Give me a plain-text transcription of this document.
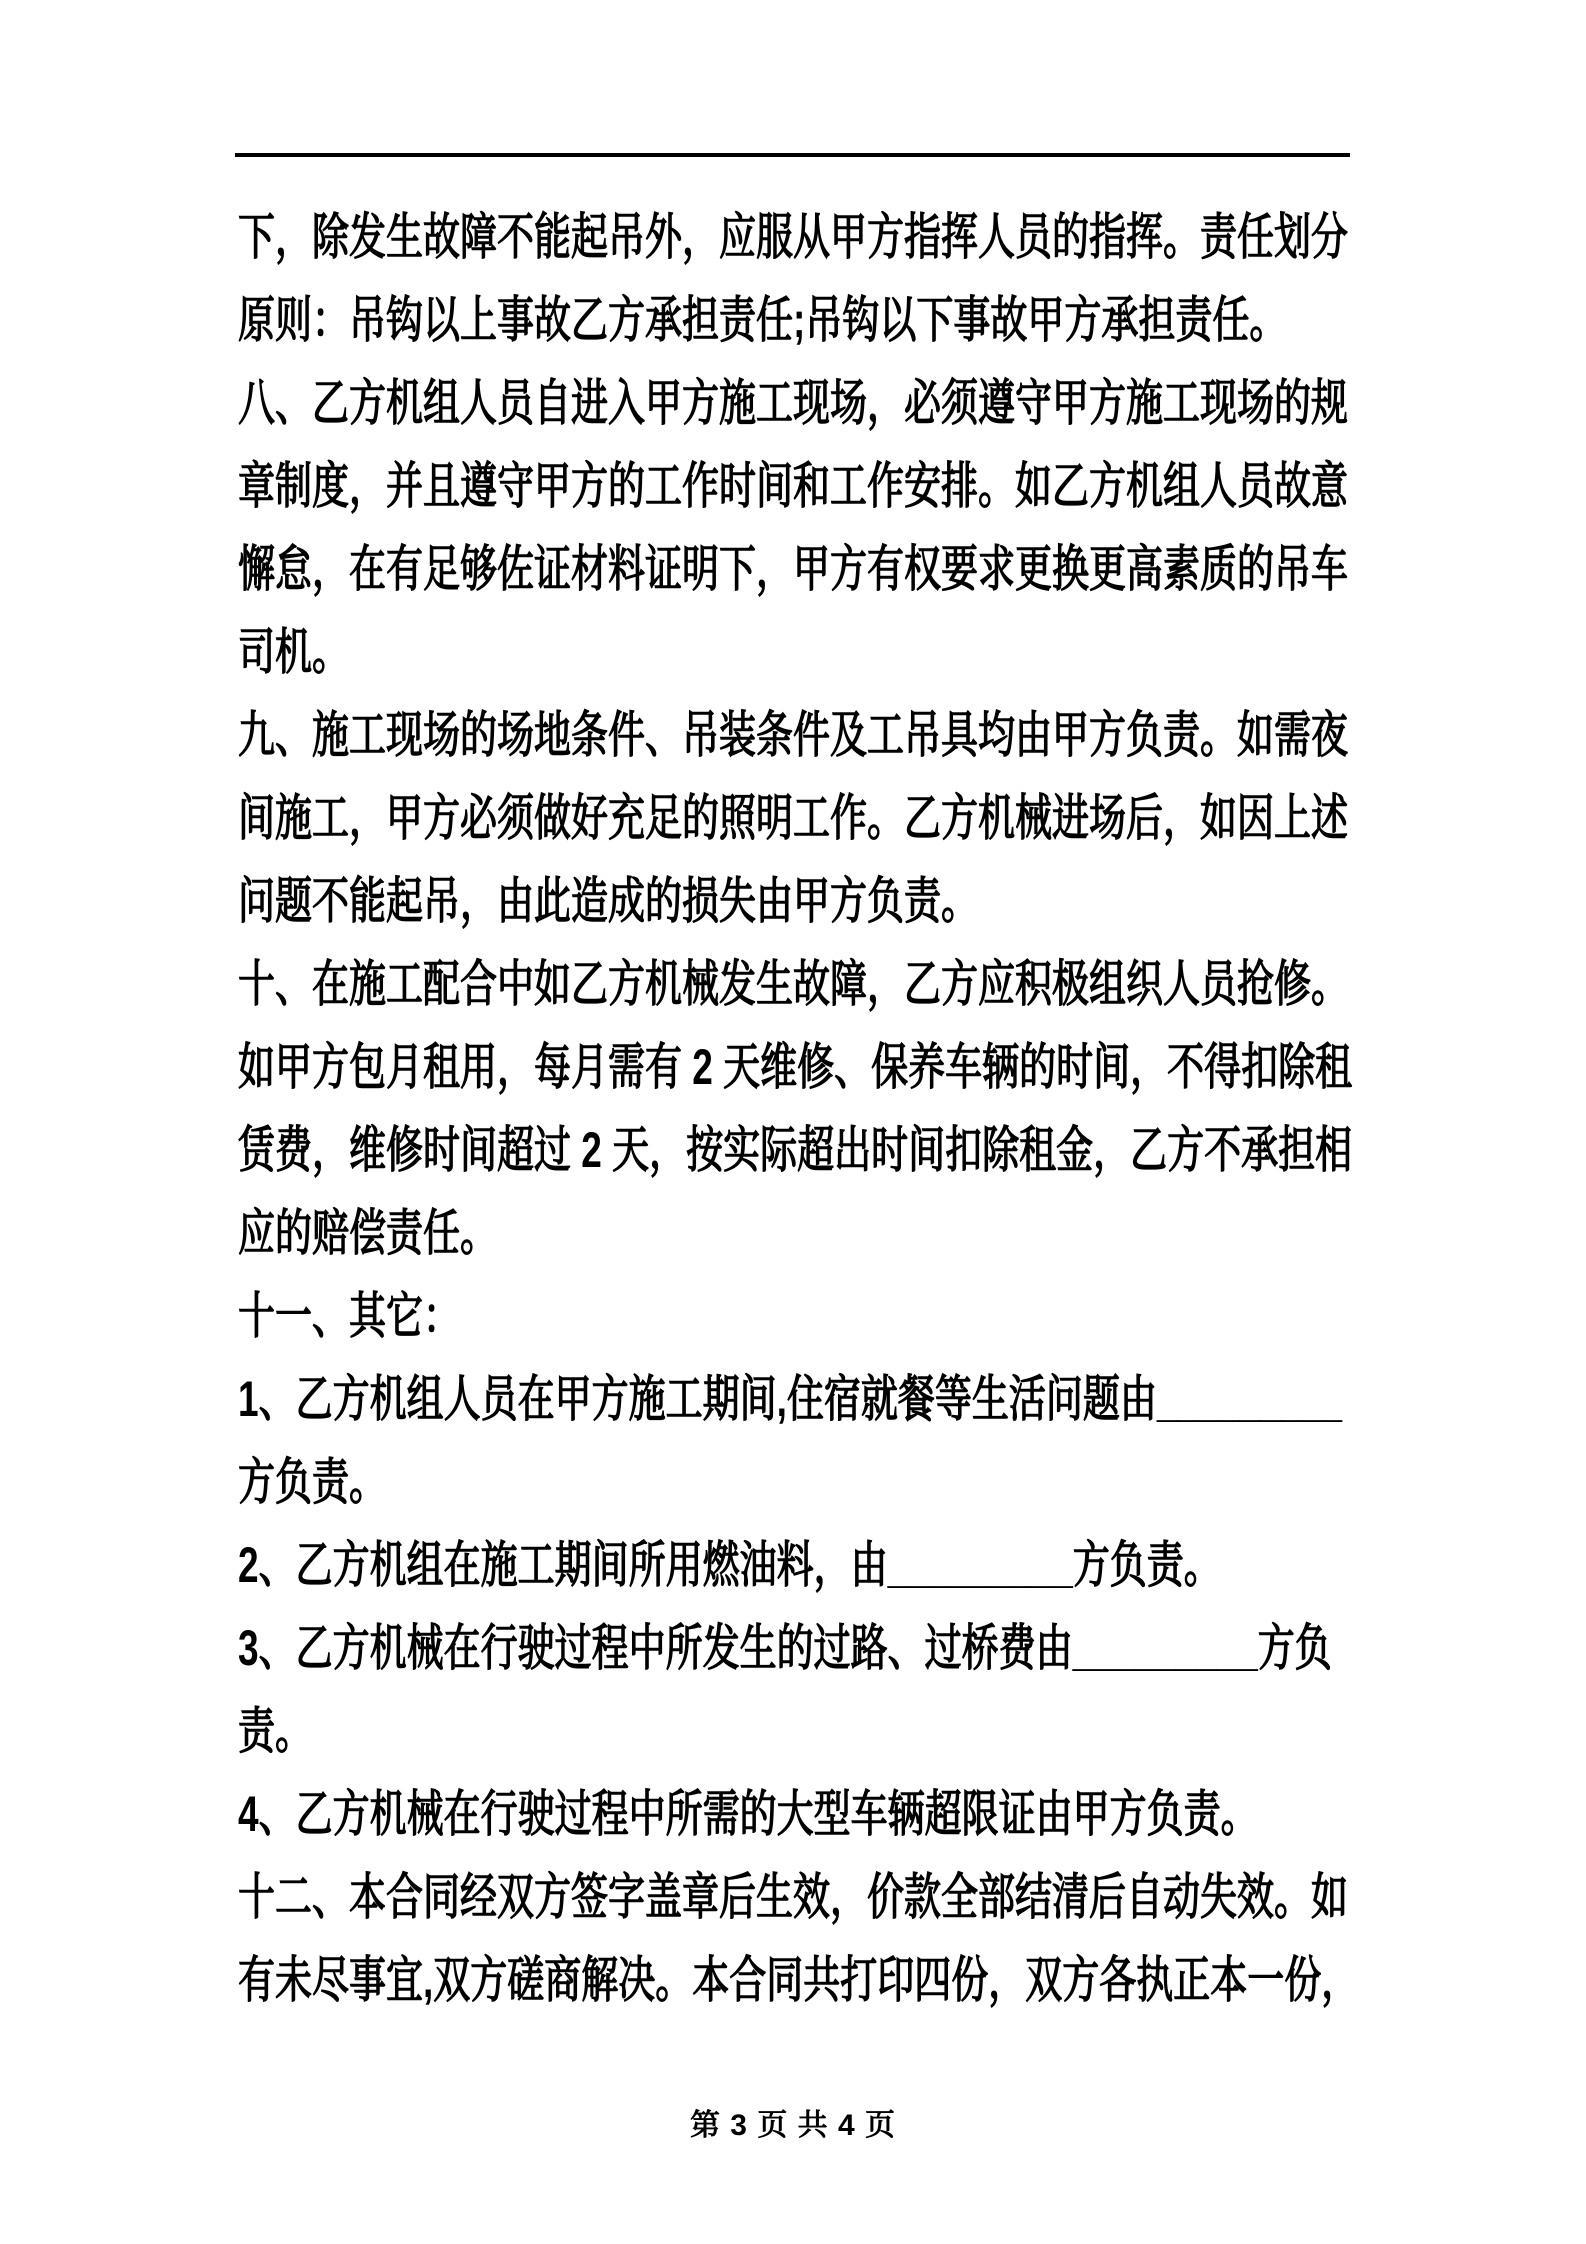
下，除发生故障不能起吊外，应服从甲方指挥人员的指挥。责任划分
原则：吊钩以上事故乙方承担责任;吊钩以下事故甲方承担责任。
八、乙方机组人员自进入甲方施工现场，必须遵守甲方施工现场的规
章制度，并且遵守甲方的工作时间和工作安排。如乙方机组人员故意
懈怠，在有足够佐证材料证明下，甲方有权要求更换更高素质的吊车
司机。
九、施工现场的场地条件、吊装条件及工吊具均由甲方负责。如需夜
间施工，甲方必须做好充足的照明工作。乙方机械进场后，如因上述
问题不能起吊，由此造成的损失由甲方负责。
十、在施工配合中如乙方机械发生故障，乙方应积极组织人员抢修。
如甲方包月租用，每月需有 2 天维修、保养车辆的时间，不得扣除租
赁费，维修时间超过 2 天，按实际超出时间扣除租金，乙方不承担相
应的赔偿责任。
十一、其它：
1、乙方机组人员在甲方施工期间,住宿就餐等生活问题由_________
方负责。
2、乙方机组在施工期间所用燃油料，由_________方负责。
3、乙方机械在行驶过程中所发生的过路、过桥费由_________方负
责。
4、乙方机械在行驶过程中所需的大型车辆超限证由甲方负责。
十二、本合同经双方签字盖章后生效，价款全部结清后自动失效。如
有未尽事宜,双方磋商解决。本合同共打印四份，双方各执正本一份，
第 3 页 共 4 页
